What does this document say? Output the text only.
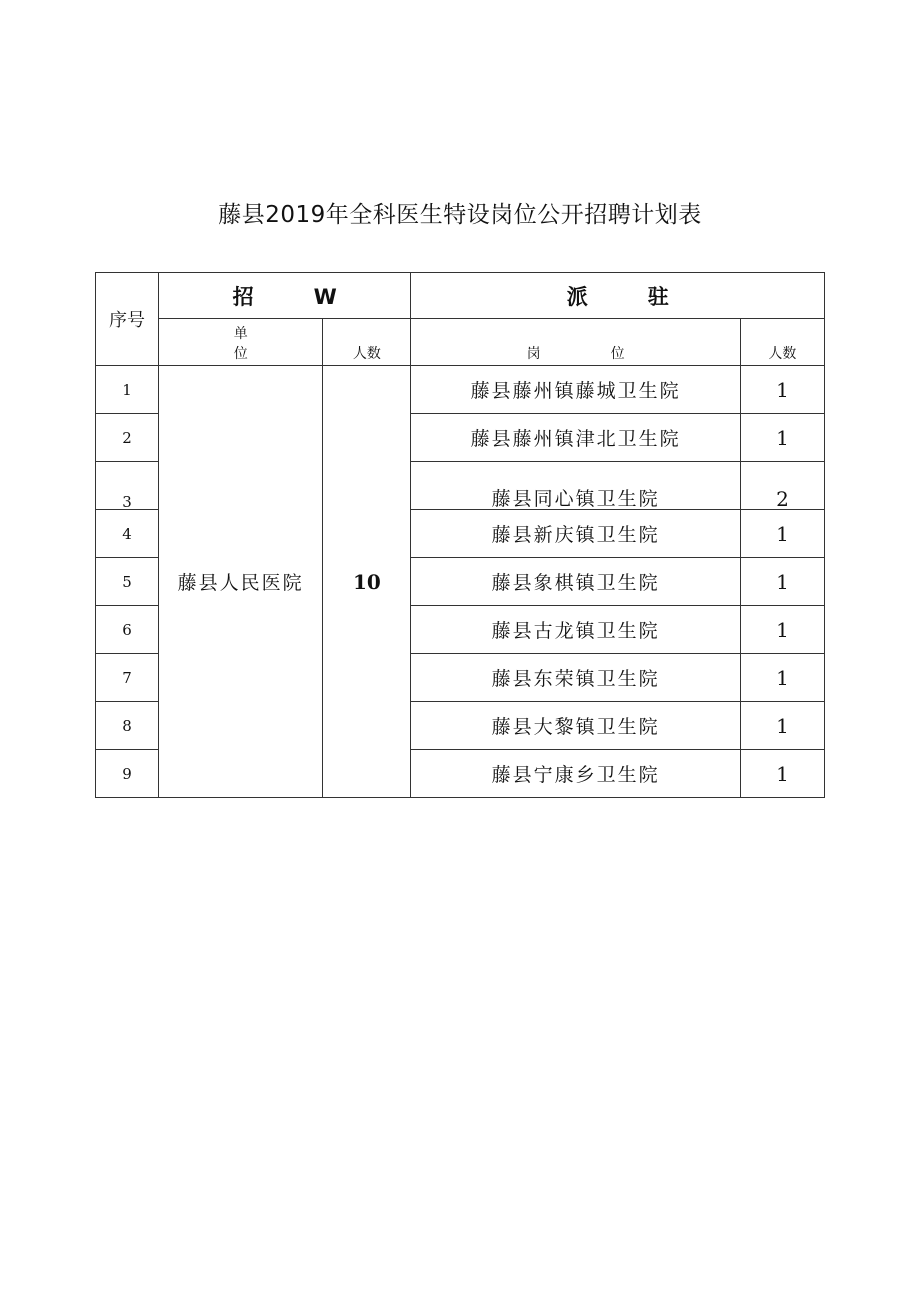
藤县2019年全科医生特设岗位公开招聘计划表
序号	招W		派驻	
	单位	人数	岗位	人数
1	藤县人民医院	10	藤县藤州镇藤城卫生院	1
2			藤县藤州镇津北卫生院	1
3			藤县同心镇卫生院	2
4			藤县新庆镇卫生院	1
5			藤县象棋镇卫生院	1
6			藤县古龙镇卫生院	1
7			藤县东荣镇卫生院	1
8			藤县大黎镇卫生院	1
9			藤县宁康乡卫生院	1
